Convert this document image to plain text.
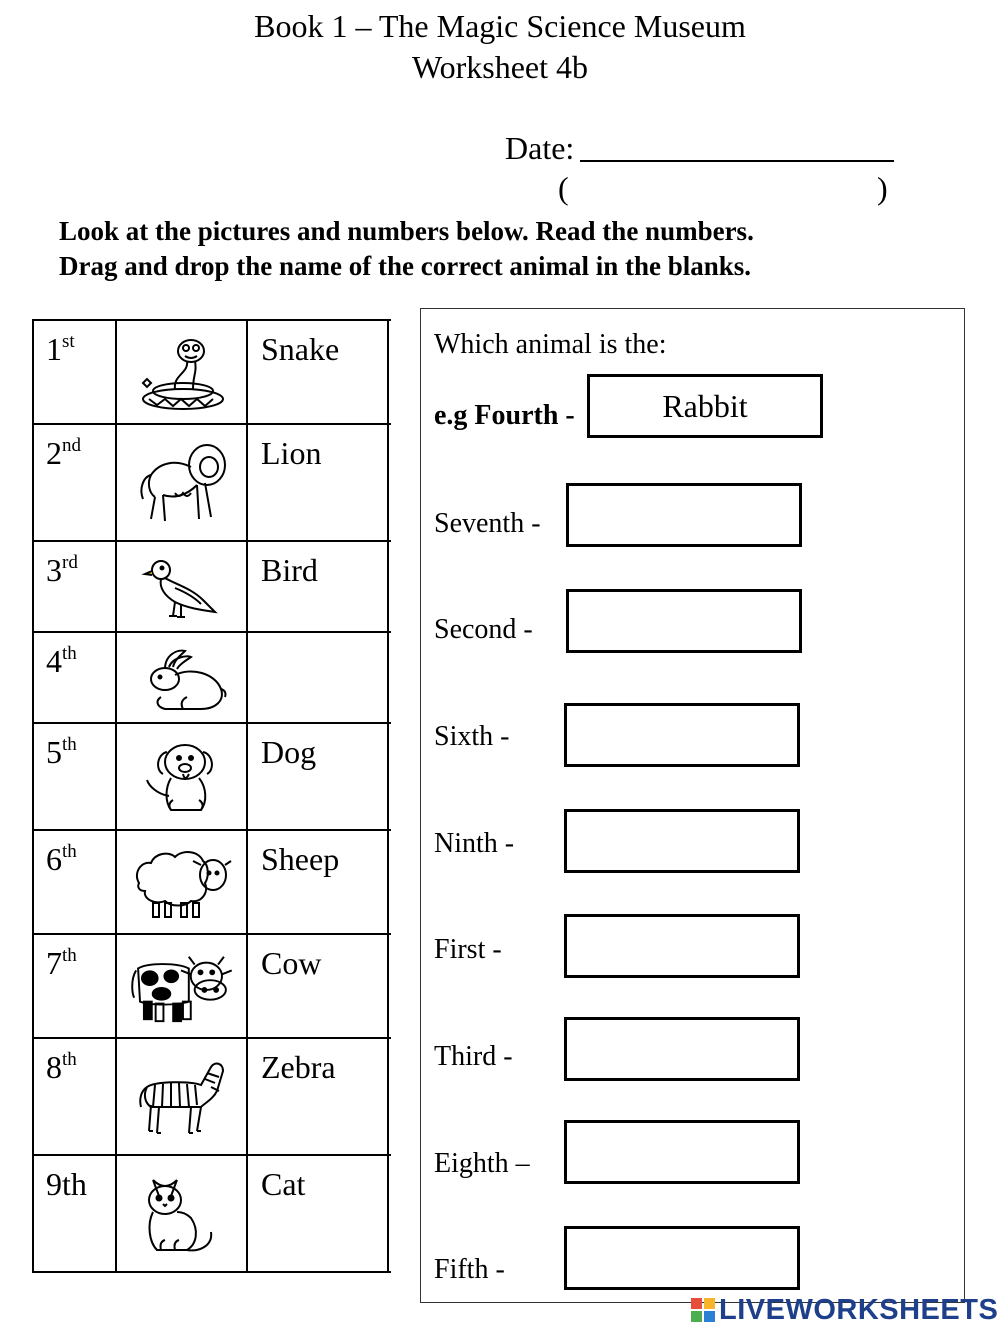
Book 1 – The Magic Science Museum
Worksheet 4b
Date:
(	)
Look at the pictures and numbers below. Read the numbers.
Drag and drop the name of the correct animal in the blanks.
1st	Snake
2nd	Lion
3rd	Bird
4th
5th	Dog
6th	Sheep
7th	Cow
8th	Zebra
9th	Cat
Which animal is the:
e.g Fourth -	Rabbit
Seventh -
Second -
Sixth -
Ninth -
First -
Third -
Eighth –
Fifth -
LIVEWORKSHEETS
